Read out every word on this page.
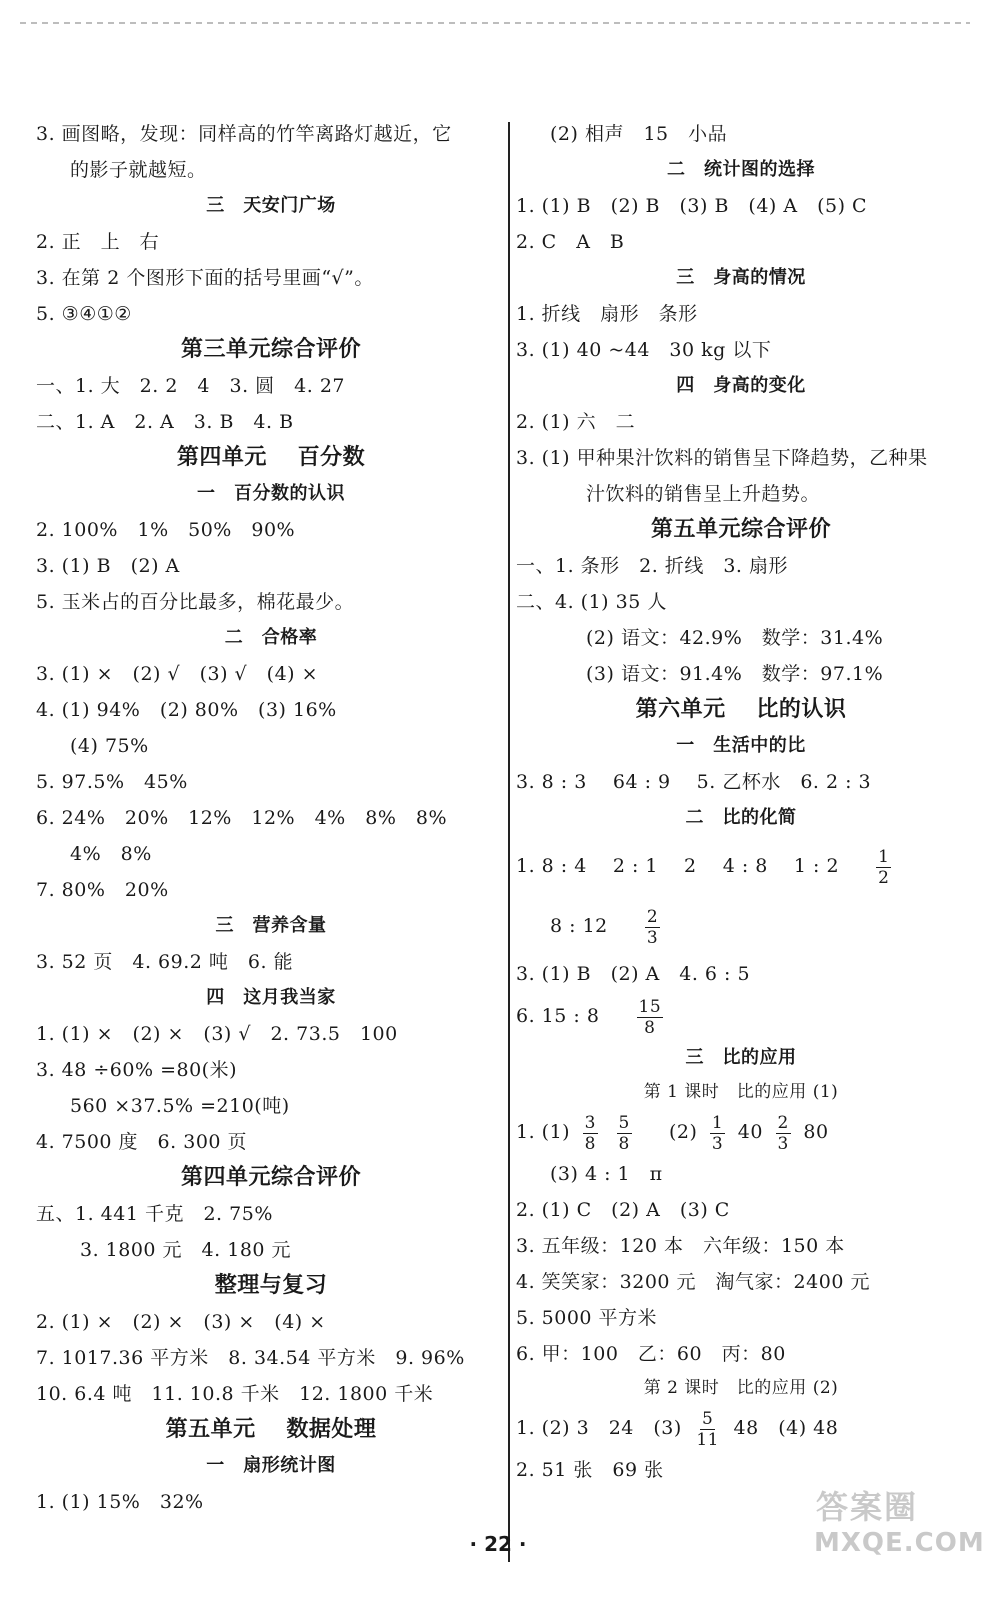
3. 画图略，发现：同样高的竹竿离路灯越近，它
的影子就越短。
三　天安门广场
2. 正　上　右
3. 在第 2 个图形下面的括号里画“√”。
5. ③④①②
第三单元综合评价
一、1. 大　2. 2　4　3. 圆　4. 27
二、1. A　2. A　3. B　4. B
第四单元　 百分数
一　百分数的认识
2. 100%　1%　50%　90%
3. (1) B　(2) A
5. 玉米占的百分比最多，棉花最少。
二　合格率
3. (1) ×　(2) √　(3) √　(4) ×
4. (1) 94%　(2) 80%　(3) 16%
(4) 75%
5. 97.5%　45%
6. 24%　20%　12%　12%　4%　8%　8%
4%　8%
7. 80%　20%
三　营养含量
3. 52 页　4. 69.2 吨　6. 能
四　这月我当家
1. (1) ×　(2) ×　(3) √　2. 73.5　100
3. 48 ÷60% =80(米)
560 ×37.5% =210(吨)
4. 7500 度　6. 300 页
第四单元综合评价
五、1. 441 千克　2. 75%
3. 1800 元　4. 180 元
整理与复习
2. (1) ×　(2) ×　(3) ×　(4) ×
7. 1017.36 平方米　8. 34.54 平方米　9. 96%
10. 6.4 吨　11. 10.8 千米　12. 1800 千米
第五单元　 数据处理
一　扇形统计图
1. (1) 15%　32%
(2) 相声　15　小品
二　统计图的选择
1. (1) B　(2) B　(3) B　(4) A　(5) C
2. C　A　B
三　身高的情况
1. 折线　扇形　条形
3. (1) 40 ~44　30 kg 以下
四　身高的变化
2. (1) 六　二
3. (1) 甲种果汁饮料的销售呈下降趋势，乙种果
汁饮料的销售呈上升趋势。
第五单元综合评价
一、1. 条形　2. 折线　3. 扇形
二、4. (1) 35 人
(2) 语文：42.9%　数学：31.4%
(3) 语文：91.4%　数学：97.1%
第六单元　 比的认识
一　生活中的比
3. 8 : 3　 64 : 9　 5. 乙杯水　6. 2 : 3
二　比的化简
1. 8 : 4　 2 : 1　 2　 4 : 8　 1 : $2 \frac{1}{2}$
8 : $12 \frac{2}{3}$
3. (1) B　(2) A　4. 6 : 5
6. 15 : $8 \frac{15}{8}$
三　比的应用
第 1 课时　比的应用 (1)
1. $(1) \frac{3}{8}$
$\frac{5}{8} (2) \frac{1}{3} 40 \frac{2}{3} 80$
(3) 4 : 1　π
2. (1) C　(2) A　(3) C
3. 五年级：120 本　六年级：150 本
4. 笑笑家：3200 元　淘气家：2400 元
5. 5000 平方米
6. 甲：100　乙：60　丙：80
第 2 课时　比的应用 (2)
1. (2) 3　24　$(3) \frac{5}{11} 48$　(4) 48
2. 51 张　69 张
· 22 ·
答案圈
MXQE.COM
